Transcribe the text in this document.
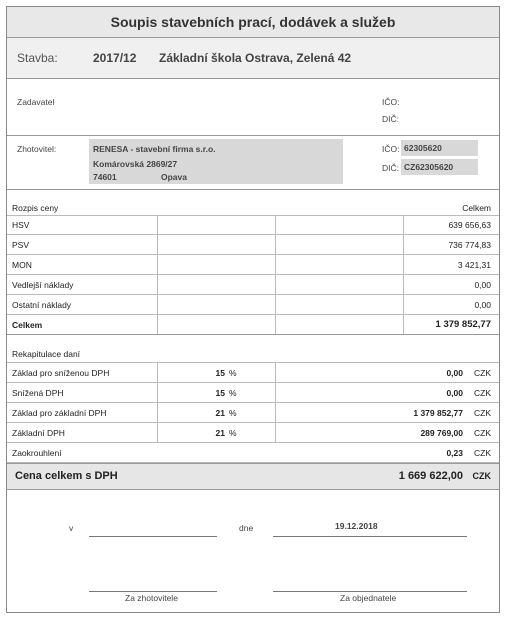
Soupis stavebních prací, dodávek a služeb
Stavba:	2017/12 Základní škola Ostrava, Zelená 42
Zadavatel	IČO:
DIČ:
Zhotovitel:	RENESA - stavební firma s.r.o.
Komárovská 2869/27
74601	Opava
IČO: 62305620
DIČ: CZ62305620
Rozpis ceny	Celkem
HSV	639 656,63
PSV	736 774,83
MON	3 421,31
Vedlejší náklady	0,00
Ostatní náklady	0,00
Celkem	1 379 852,77
Rekapitulace daní
Základ pro sníženou DPH	15 %	0,00 CZK
Snížená DPH	15 %	0,00 CZK
Základ pro základní DPH	21 %	1 379 852,77 CZK
Základní DPH	21 %	289 769,00 CZK
Zaokrouhlení	0,23 CZK
Cena celkem s DPH	1 669 622,00 CZK
v	dne	19.12.2018
Za zhotovitele	Za objednatele
